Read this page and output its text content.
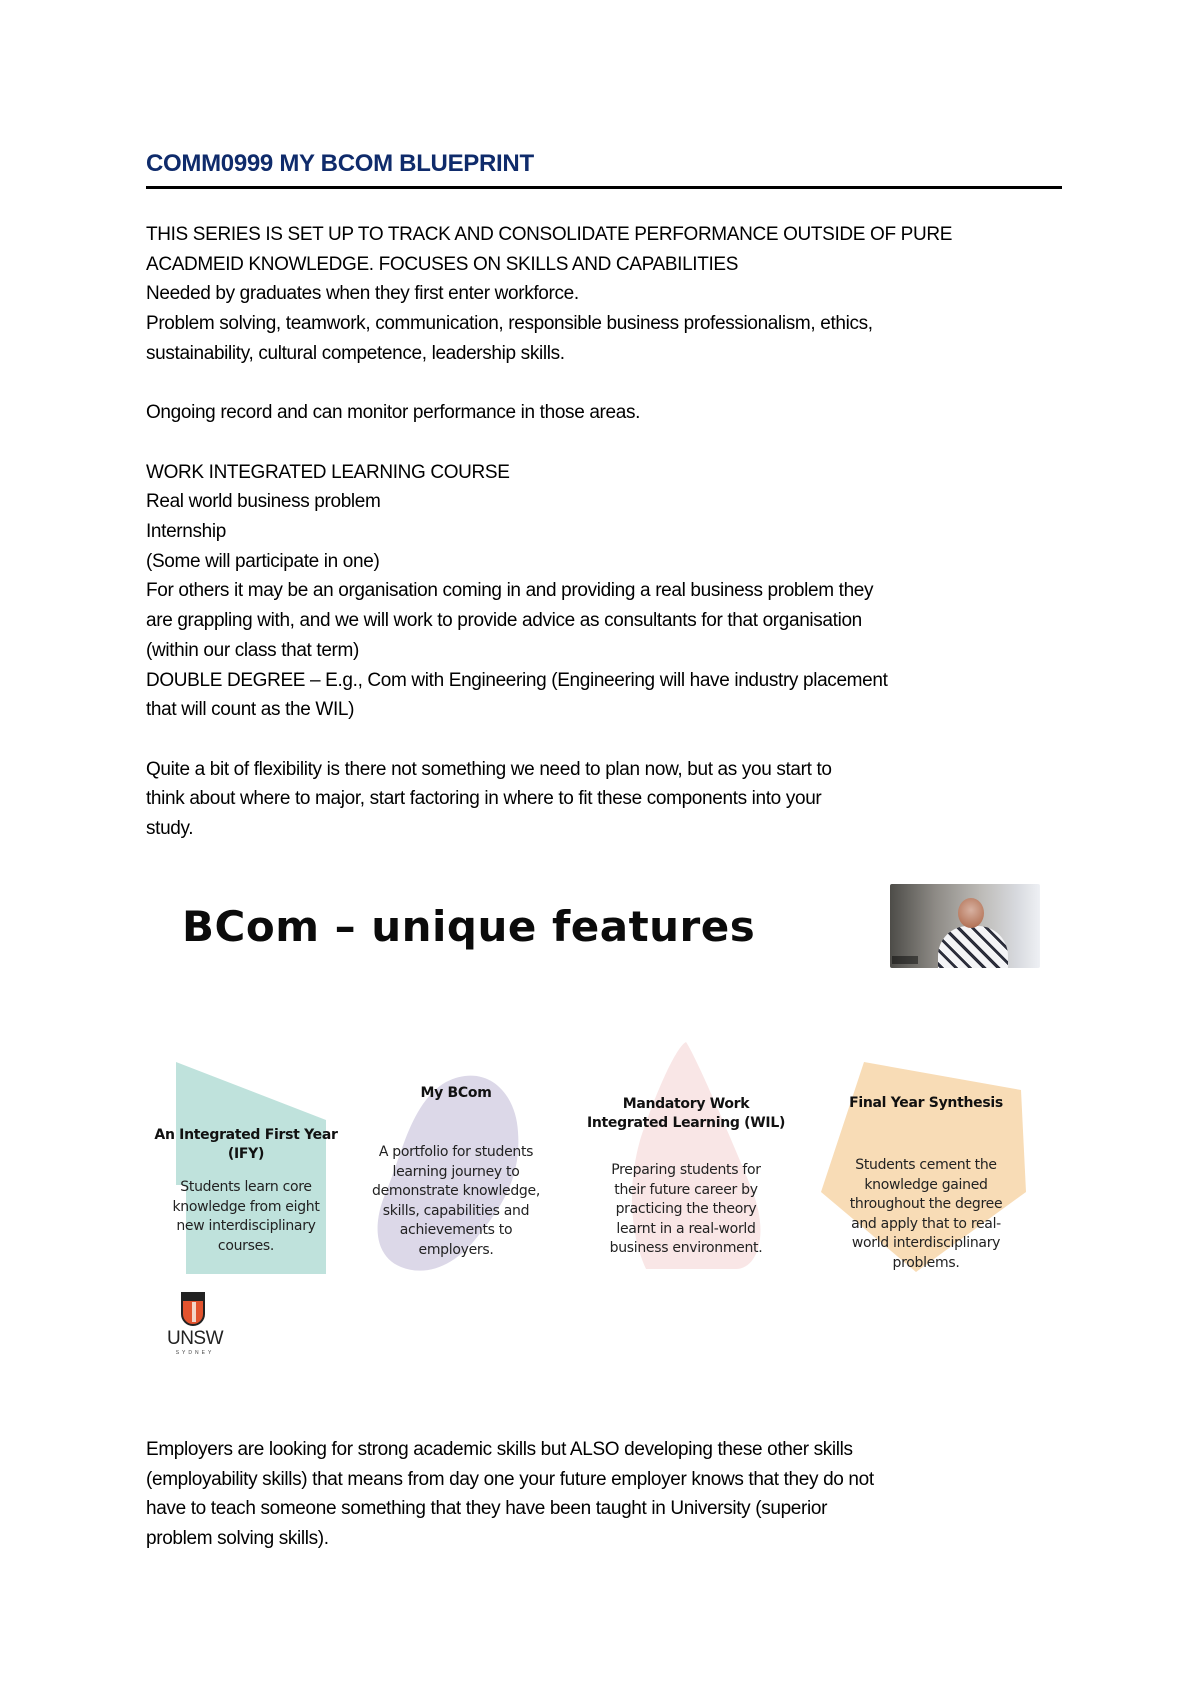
COMM0999 MY BCOM BLUEPRINT
THIS SERIES IS SET UP TO TRACK AND CONSOLIDATE PERFORMANCE OUTSIDE OF PURE
ACADMEID KNOWLEDGE. FOCUSES ON SKILLS AND CAPABILITIES
Needed by graduates when they first enter workforce.
Problem solving, teamwork, communication, responsible business professionalism, ethics,
sustainability, cultural competence, leadership skills.
Ongoing record and can monitor performance in those areas.
WORK INTEGRATED LEARNING COURSE
Real world business problem
Internship
(Some will participate in one)
For others it may be an organisation coming in and providing a real business problem they
are grappling with, and we will work to provide advice as consultants for that organisation
(within our class that term)
DOUBLE DEGREE – E.g., Com with Engineering (Engineering will have industry placement
that will count as the WIL)
Quite a bit of flexibility is there not something we need to plan now, but as you start to
think about where to major, start factoring in where to fit these components into your
study.
BCom – unique features

An Integrated First Year
(IFY)
Students learn core
knowledge from eight
new interdisciplinary
courses.
My BCom
A portfolio for students
learning journey to
demonstrate knowledge,
skills, capabilities and
achievements to
employers.
Mandatory Work
Integrated Learning (WIL)
Preparing students for
their future career by
practicing the theory
learnt in a real-world
business environment.
Final Year Synthesis
Students cement the
knowledge gained
throughout the degree
and apply that to real-
world interdisciplinary
problems.
UNSW
SYDNEY
Employers are looking for strong academic skills but ALSO developing these other skills
(employability skills) that means from day one your future employer knows that they do not
have to teach someone something that they have been taught in University (superior
problem solving skills).
